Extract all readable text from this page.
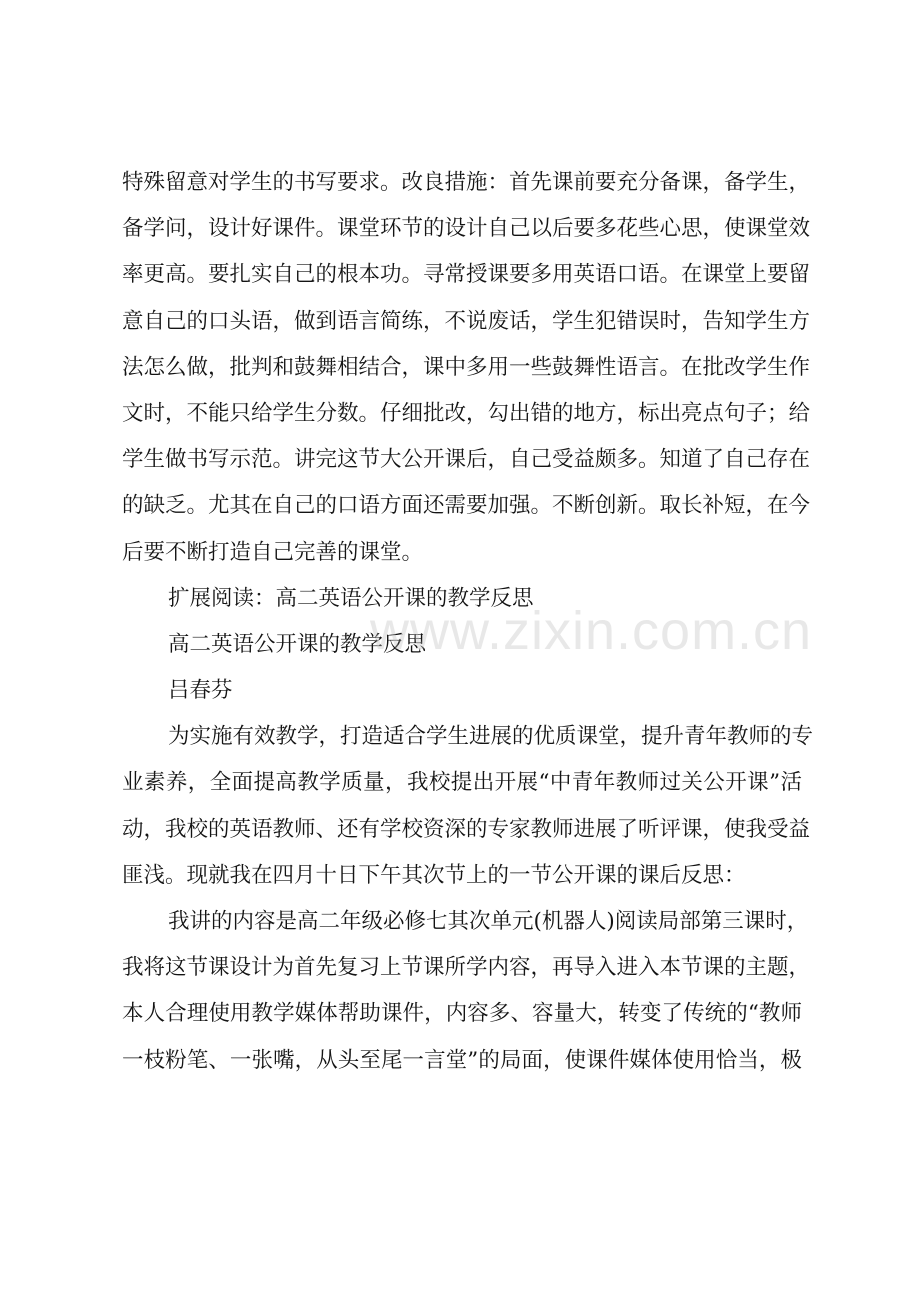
特殊留意对学生的书写要求。改良措施：首先课前要充分备课，备学生，
备学问，设计好课件。课堂环节的设计自己以后要多花些心思，使课堂效
率更高。要扎实自己的根本功。寻常授课要多用英语口语。在课堂上要留
意自己的口头语，做到语言简练，不说废话，学生犯错误时，告知学生方
法怎么做，批判和鼓舞相结合，课中多用一些鼓舞性语言。在批改学生作
文时，不能只给学生分数。仔细批改，勾出错的地方，标出亮点句子；给
学生做书写示范。讲完这节大公开课后，自己受益颇多。知道了自己存在
的缺乏。尤其在自己的口语方面还需要加强。不断创新。取长补短，在今
后要不断打造自己完善的课堂。
扩展阅读：高二英语公开课的教学反思
高二英语公开课的教学反思
吕春芬
为实施有效教学，打造适合学生进展的优质课堂，提升青年教师的专
业素养，全面提高教学质量，我校提出开展“中青年教师过关公开课”活
动，我校的英语教师、还有学校资深的专家教师进展了听评课，使我受益
匪浅。现就我在四月十日下午其次节上的一节公开课的课后反思：
我讲的内容是高二年级必修七其次单元(机器人)阅读局部第三课时，
我将这节课设计为首先复习上节课所学内容，再导入进入本节课的主题，
本人合理使用教学媒体帮助课件，内容多、容量大，转变了传统的“教师
一枝粉笔、一张嘴，从头至尾一言堂”的局面，使课件媒体使用恰当，极
www.zixin.com.cn
